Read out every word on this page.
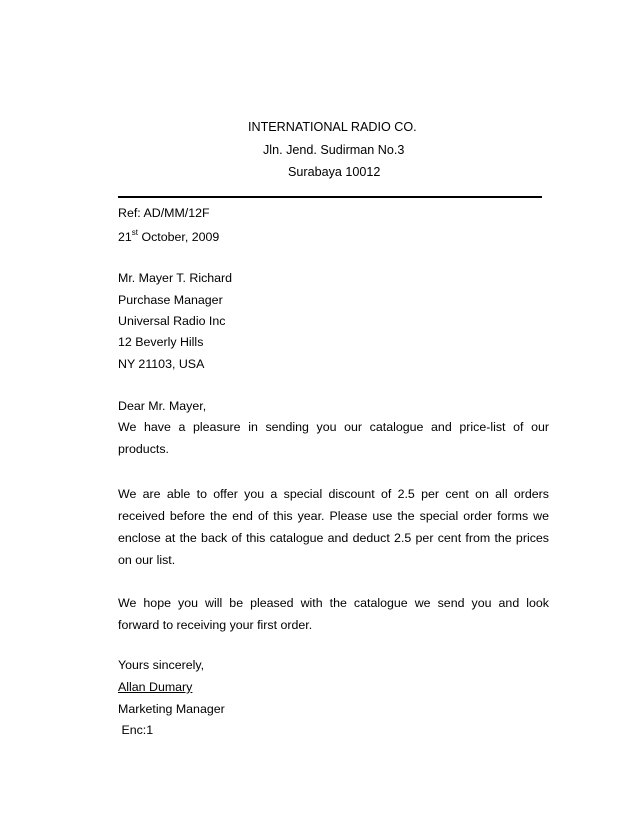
INTERNATIONAL RADIO CO.
Jln. Jend. Sudirman No.3
Surabaya 10012
Ref: AD/MM/12F
21st October, 2009
Mr. Mayer T. Richard
Purchase Manager
Universal Radio Inc
12 Beverly Hills
NY 21103, USA
Dear Mr. Mayer,
We have a pleasure in sending you our catalogue and price-list of our
products.
We are able to offer you a special discount of 2.5 per cent on all orders
received before the end of this year. Please use the special order forms we
enclose at the back of this catalogue and deduct 2.5 per cent from the prices
on our list.
We hope you will be pleased with the catalogue we send you and look
forward to receiving your first order.
Yours sincerely,
Allan Dumary
Marketing Manager
Enc:1
